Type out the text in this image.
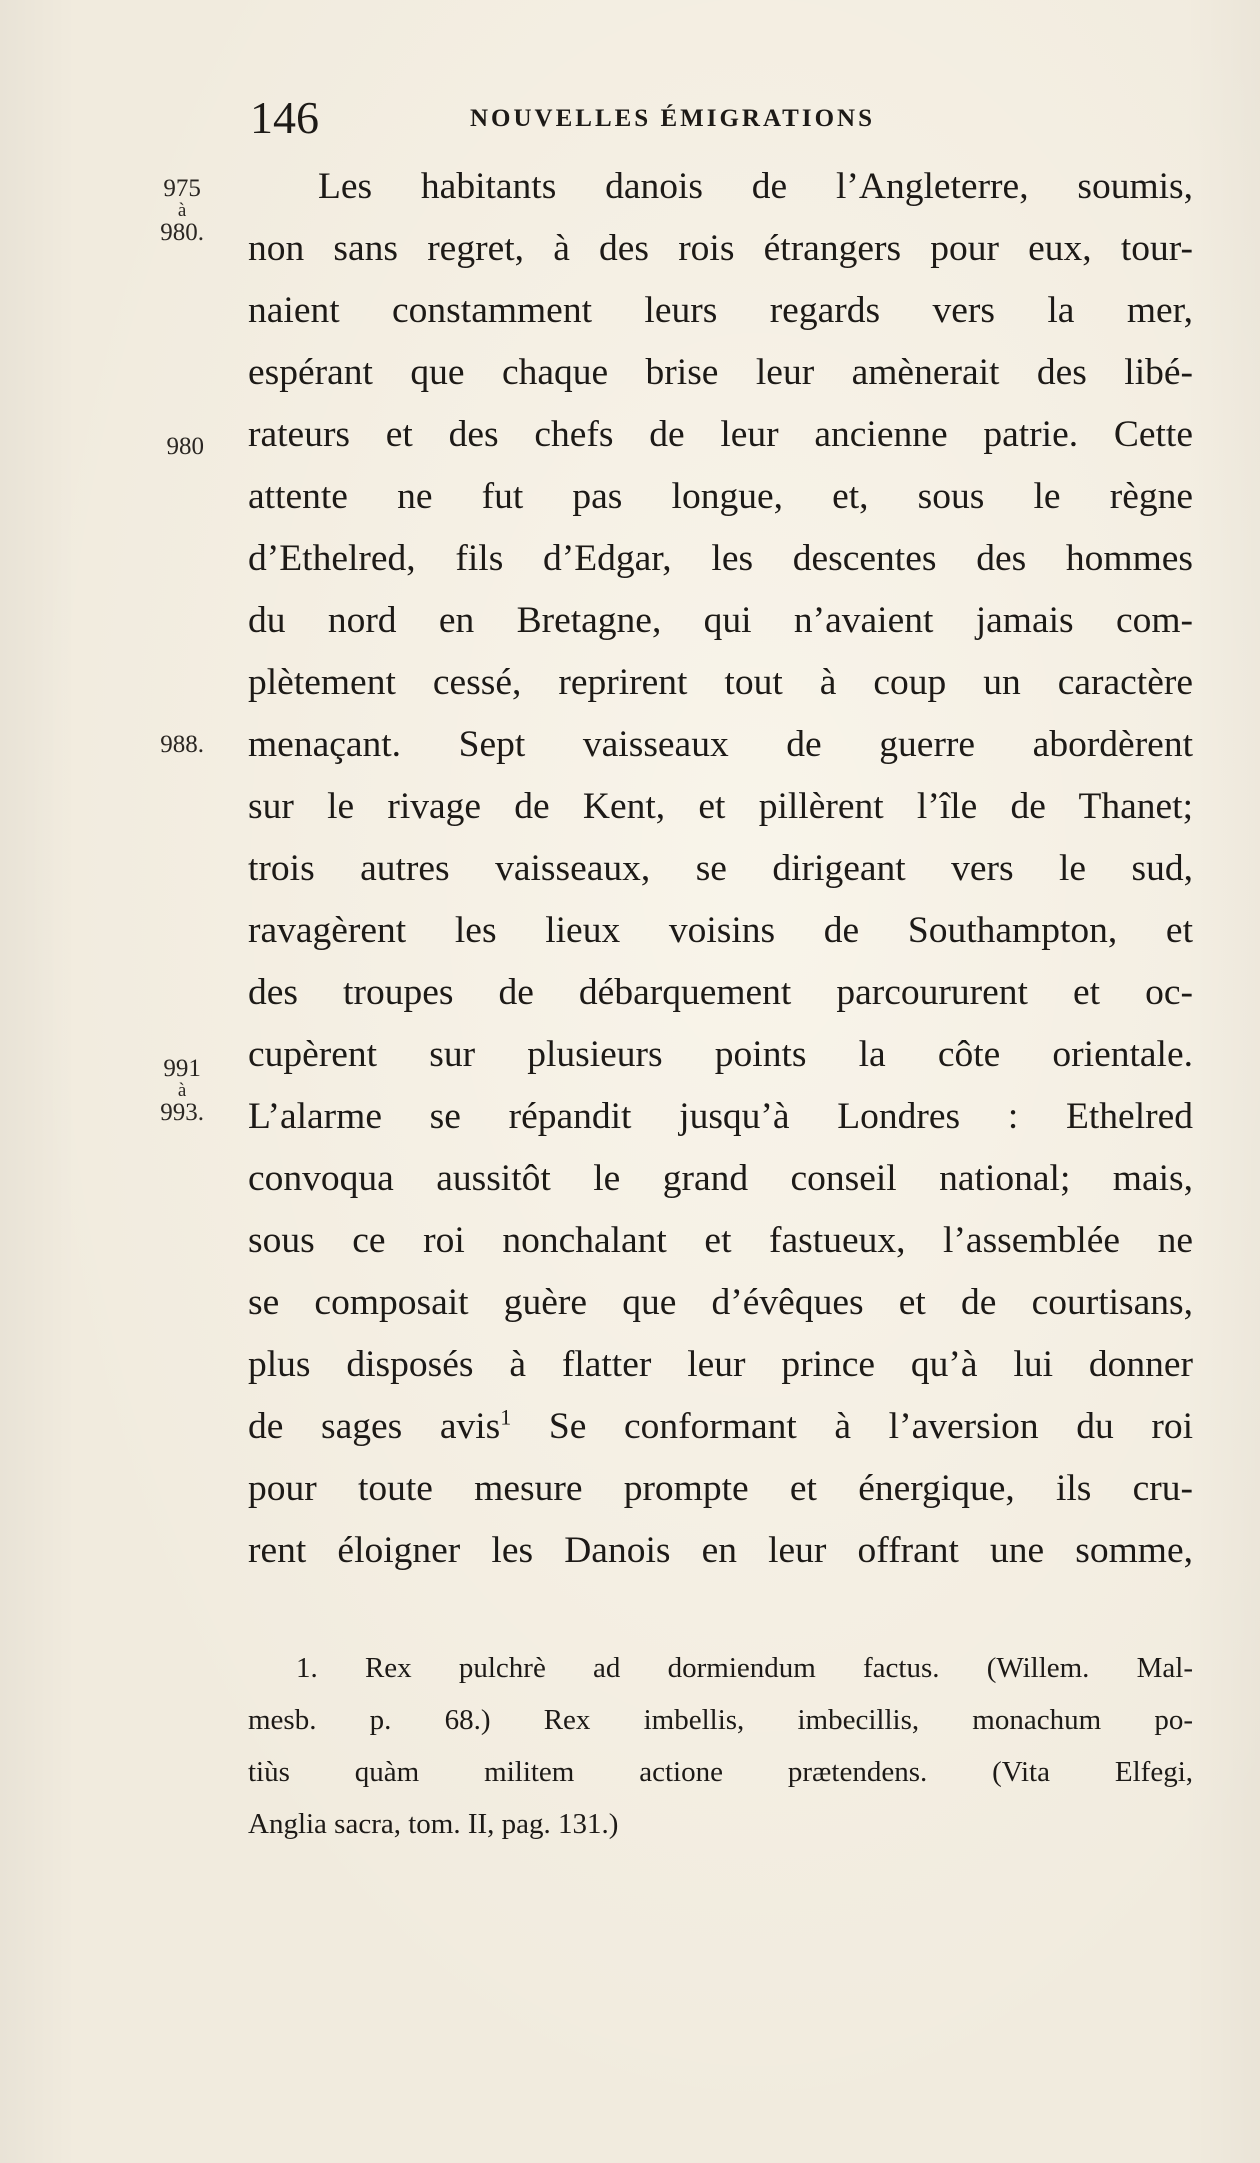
146	NOUVELLES ÉMIGRATIONS
975
à
980.
980
988.
991
à
993.
Les habitants danois de l’Angleterre, soumis,
non sans regret, à des rois étrangers pour eux, tour-
naient constamment leurs regards vers la mer,
espérant que chaque brise leur amènerait des libé-
rateurs et des chefs de leur ancienne patrie. Cette
attente ne fut pas longue, et, sous le règne
d’Ethelred, fils d’Edgar, les descentes des hommes
du nord en Bretagne, qui n’avaient jamais com-
plètement cessé, reprirent tout à coup un caractère
menaçant. Sept vaisseaux de guerre abordèrent
sur le rivage de Kent, et pillèrent l’île de Thanet;
trois autres vaisseaux, se dirigeant vers le sud,
ravagèrent les lieux voisins de Southampton, et
des troupes de débarquement parcoururent et oc-
cupèrent sur plusieurs points la côte orientale.
L’alarme se répandit jusqu’à Londres : Ethelred
convoqua aussitôt le grand conseil national; mais,
sous ce roi nonchalant et fastueux, l’assemblée ne
se composait guère que d’évêques et de courtisans,
plus disposés à flatter leur prince qu’à lui donner
de sages avis$^1$ Se conformant à l’aversion du roi
pour toute mesure prompte et énergique, ils cru-
rent éloigner les Danois en leur offrant une somme,
1. Rex pulchrè ad dormiendum factus. (Willem. Mal-
mesb. p. 68.) Rex imbellis, imbecillis, monachum po-
tiùs quàm militem actione prætendens. (Vita Elfegi,
Anglia sacra, tom. II, pag. 131.)
